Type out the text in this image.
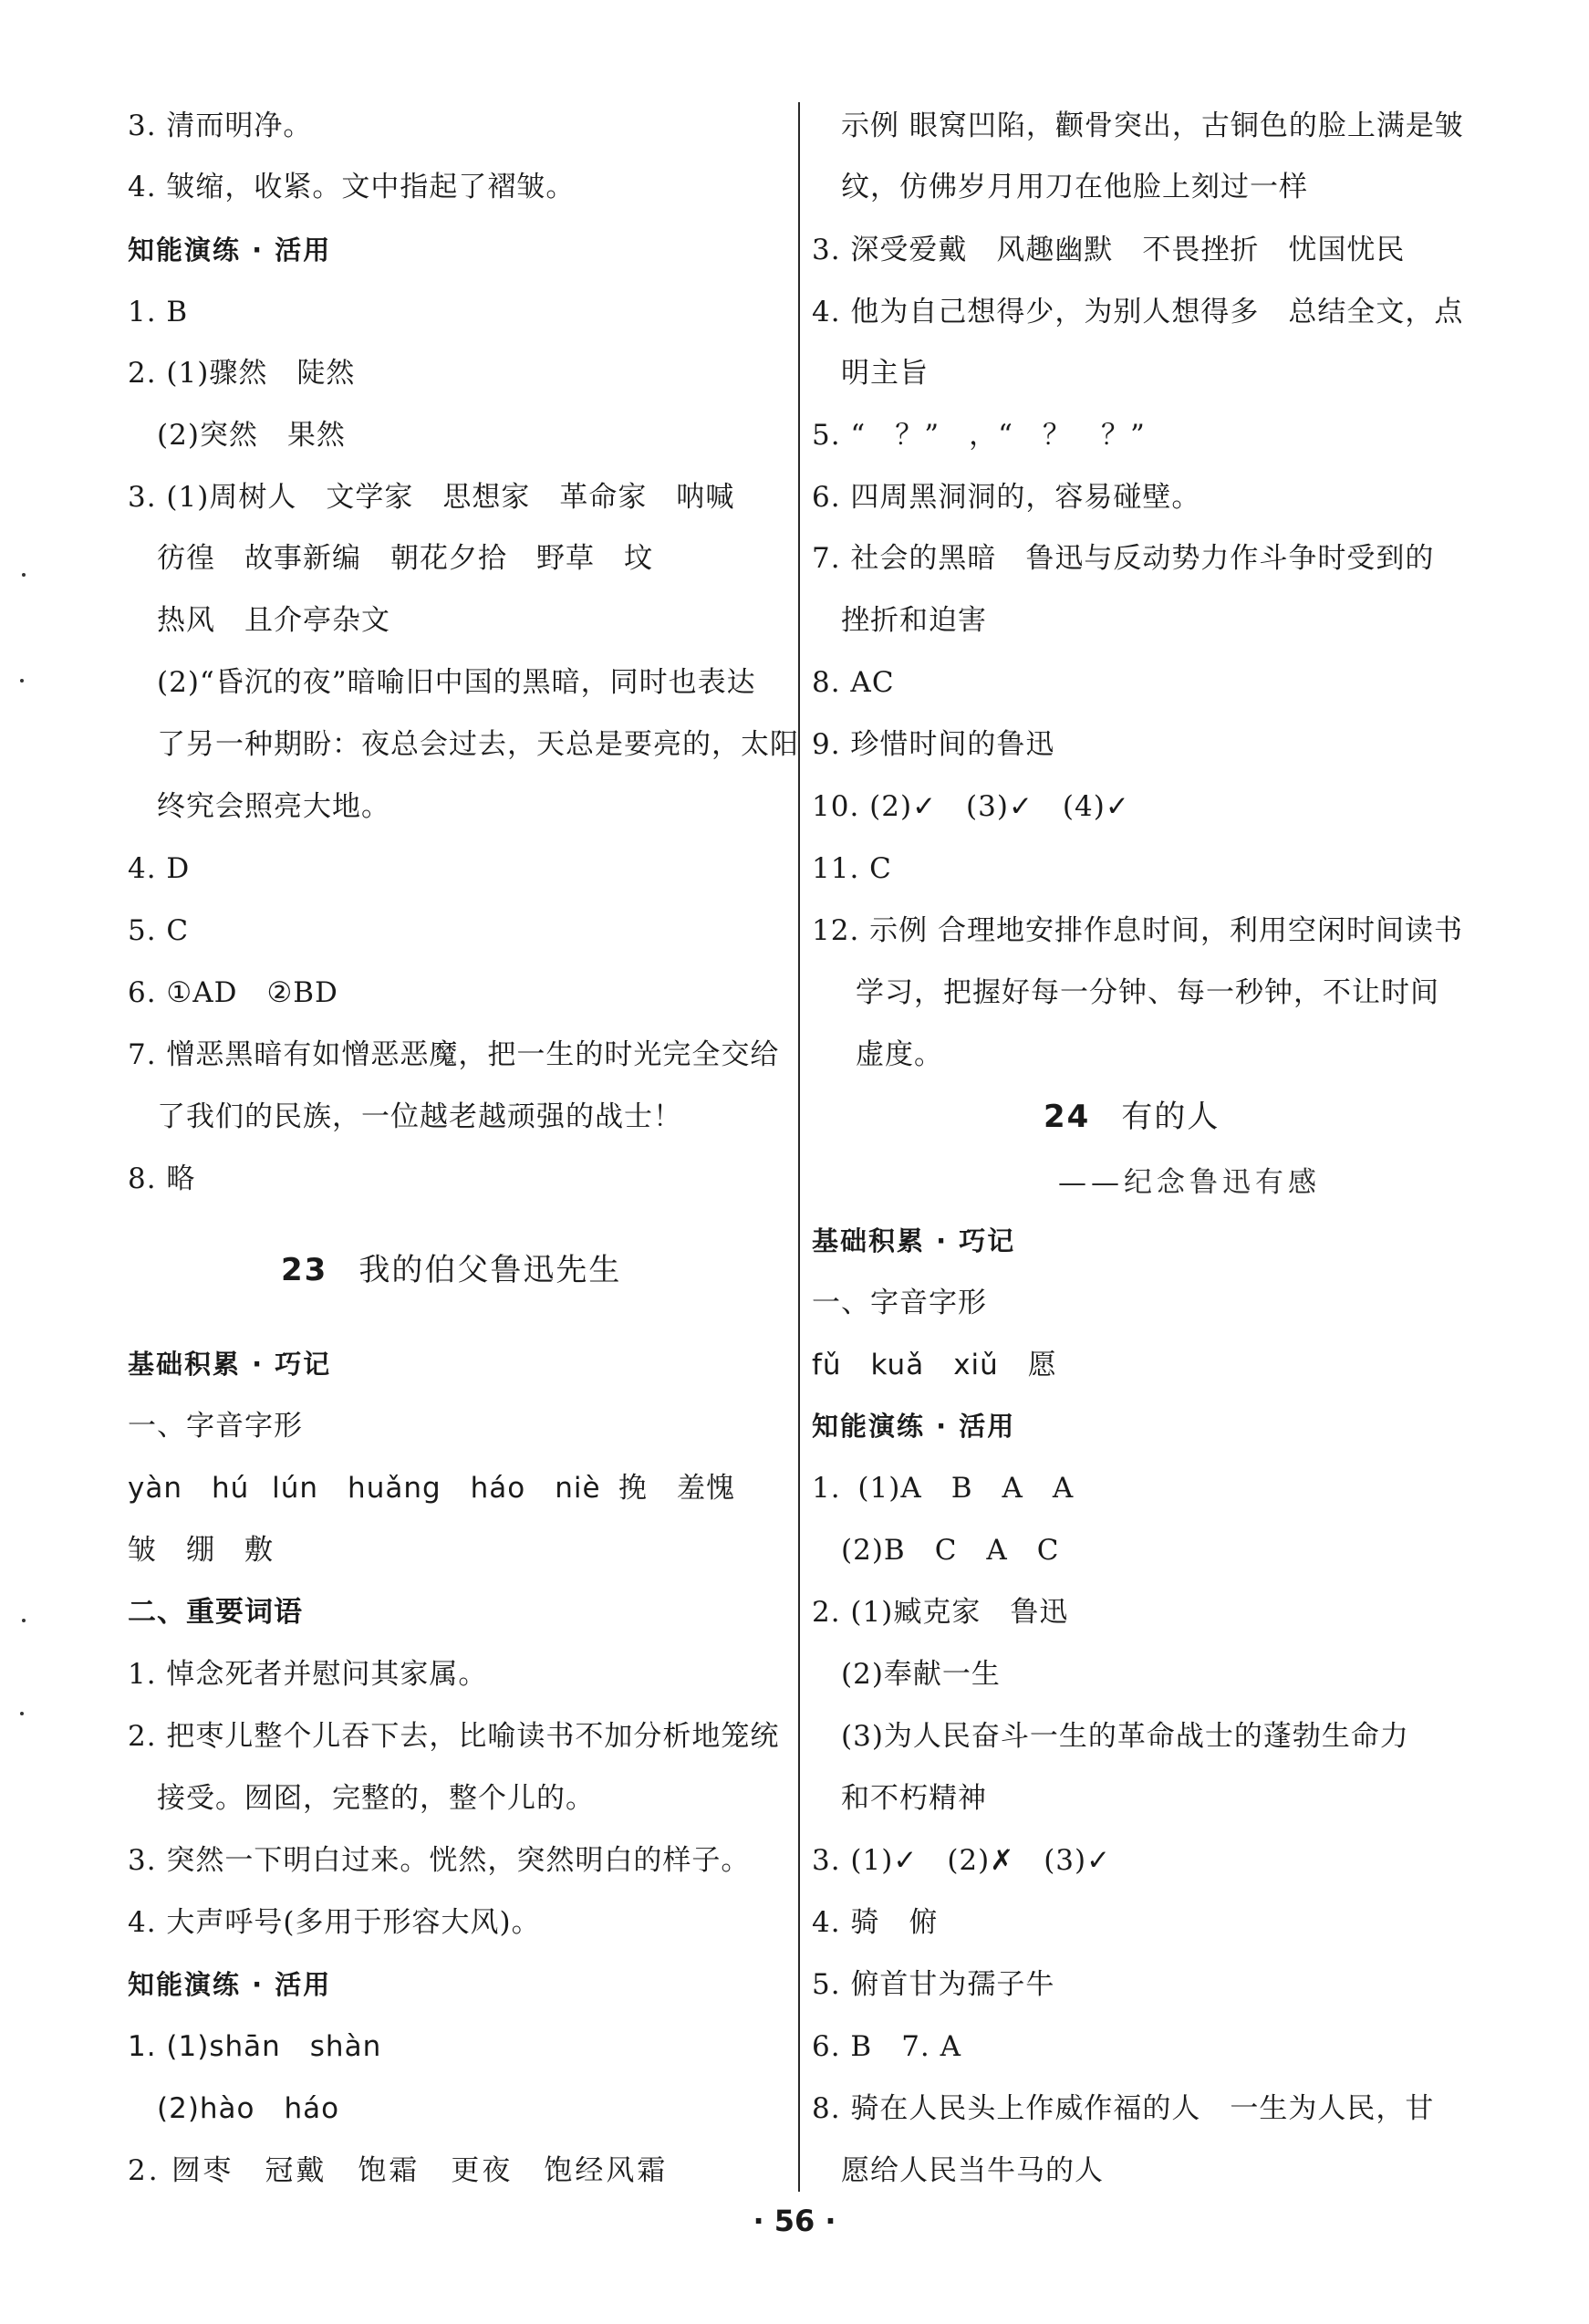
3. 清而明净。
4. 皱缩，收紧。文中指起了褶皱。
知能演练 · 活用
1. B
2. (1)骤然　陡然
(2)突然　果然
3. (1)周树人　文学家　思想家　革命家　呐喊
彷徨　故事新编　朝花夕拾　野草　坟
热风　且介亭杂文
(2)“昏沉的夜”暗喻旧中国的黑暗，同时也表达
了另一种期盼：夜总会过去，天总是要亮的，太阳
终究会照亮大地。
4. D
5. C
6. ①AD　②BD
7. 憎恶黑暗有如憎恶恶魔，把一生的时光完全交给
了我们的民族，一位越老越顽强的战士！
8. 略
23 我的伯父鲁迅先生
基础积累 · 巧记
一、字音字形
yàn　hú lún　huǎng　háo　niè 挽　羞愧
皱　绷　敷
二、重要词语
1. 悼念死者并慰问其家属。
2. 把枣儿整个儿吞下去，比喻读书不加分析地笼统
接受。囫囵，完整的，整个儿的。
3. 突然一下明白过来。恍然，突然明白的样子。
4. 大声呼号(多用于形容大风)。
知能演练 · 活用
1. (1)shān　shàn
(2)hào　háo
2. 囫枣　冠戴　饱霜　更夜　饱经风霜
示例 眼窝凹陷，颧骨突出，古铜色的脸上满是皱
纹，仿佛岁月用刀在他脸上刻过一样
3. 深受爱戴　风趣幽默　不畏挫折　忧国忧民
4. 他为自己想得少，为别人想得多　总结全文，点
明主旨
5. “　？”　，“　？　？”
6. 四周黑洞洞的，容易碰壁。
7. 社会的黑暗　鲁迅与反动势力作斗争时受到的
挫折和迫害
8. AC
9. 珍惜时间的鲁迅
10. (2)✓　(3)✓　(4)✓
11. C
12. 示例 合理地安排作息时间，利用空闲时间读书
学习，把握好每一分钟、每一秒钟，不让时间
虚度。
24 有的人
——纪念鲁迅有感
基础积累 · 巧记
一、字音字形
fǔ　kuǎ　xiǔ　愿
知能演练 · 活用
1. (1)A　B　A　A
(2)B　C　A　C
2. (1)臧克家　鲁迅
(2)奉献一生
(3)为人民奋斗一生的革命战士的蓬勃生命力
和不朽精神
3. (1)✓　(2)✗　(3)✓
4. 骑　俯
5. 俯首甘为孺子牛
6. B　7. A
8. 骑在人民头上作威作福的人　一生为人民，甘
愿给人民当牛马的人
· 56 ·
